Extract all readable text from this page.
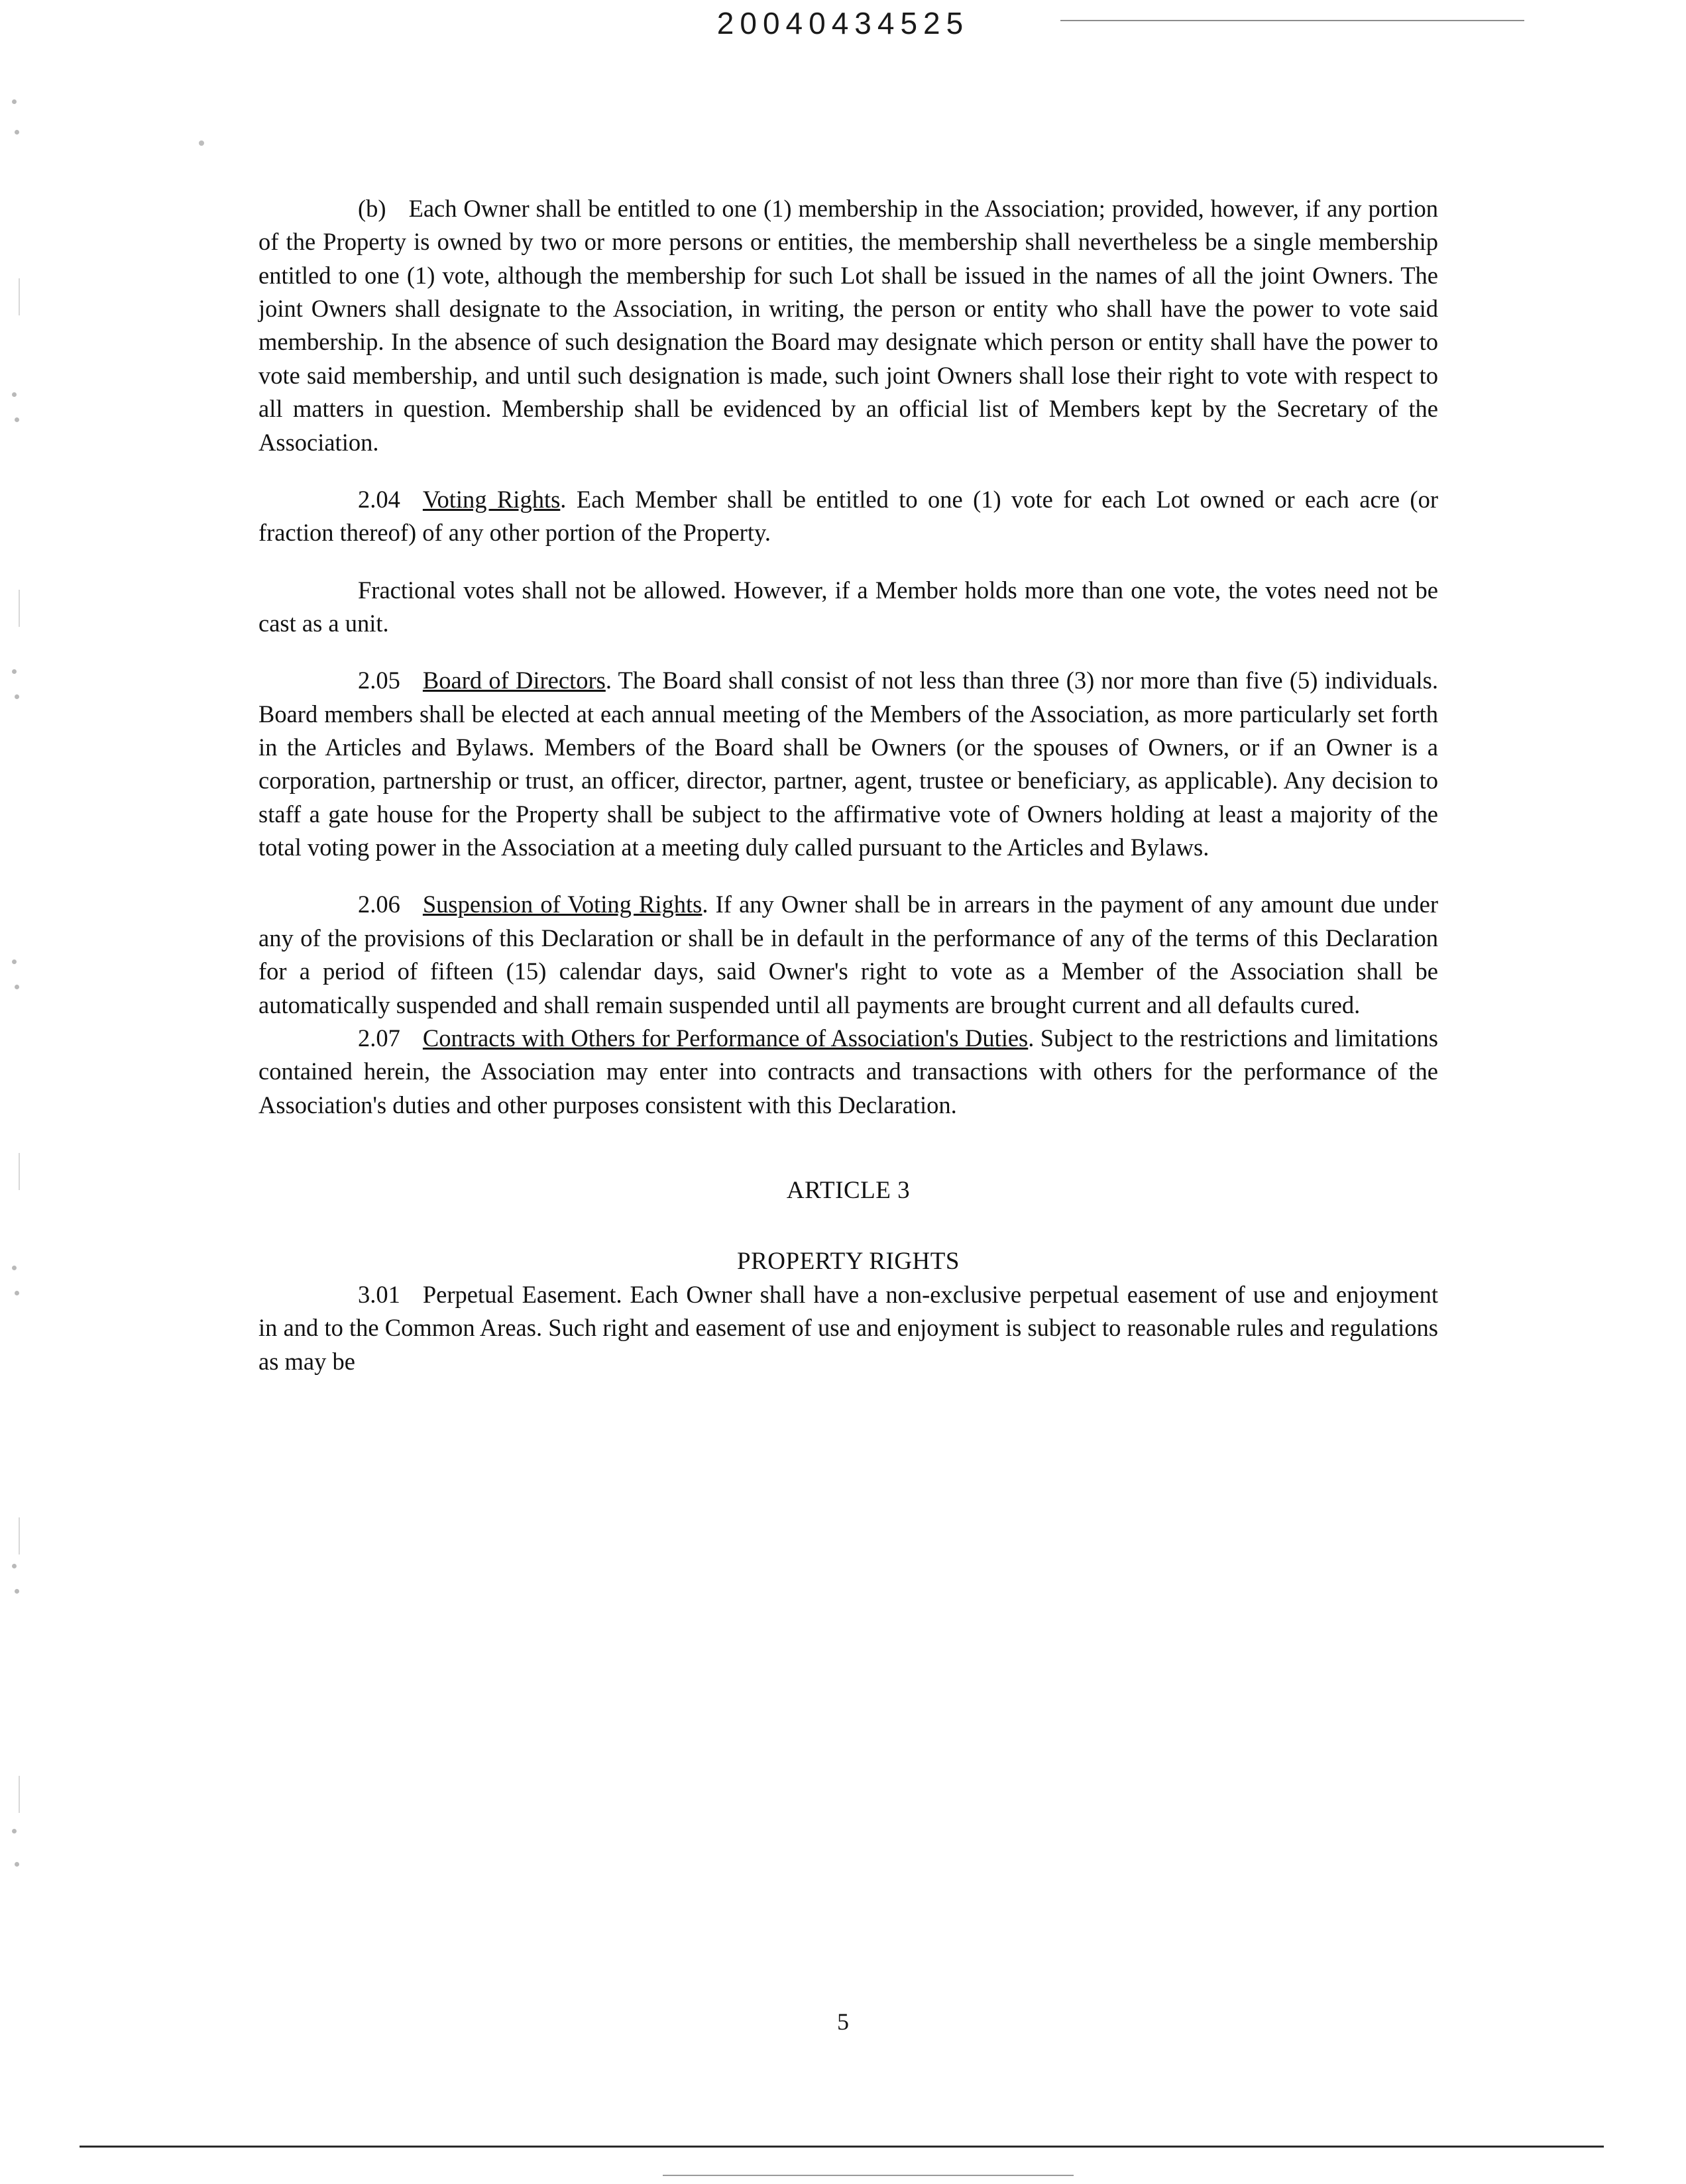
20040434525

(b) Each Owner shall be entitled to one (1) membership in the Association; provided, however, if any portion of the Property is owned by two or more persons or entities, the membership shall nevertheless be a single membership entitled to one (1) vote, although the membership for such Lot shall be issued in the names of all the joint Owners. The joint Owners shall designate to the Association, in writing, the person or entity who shall have the power to vote said membership. In the absence of such designation the Board may designate which person or entity shall have the power to vote said membership, and until such designation is made, such joint Owners shall lose their right to vote with respect to all matters in question. Membership shall be evidenced by an official list of Members kept by the Secretary of the Association.

2.04 Voting Rights. Each Member shall be entitled to one (1) vote for each Lot owned or each acre (or fraction thereof) of any other portion of the Property.

Fractional votes shall not be allowed. However, if a Member holds more than one vote, the votes need not be cast as a unit.

2.05 Board of Directors. The Board shall consist of not less than three (3) nor more than five (5) individuals. Board members shall be elected at each annual meeting of the Members of the Association, as more particularly set forth in the Articles and Bylaws. Members of the Board shall be Owners (or the spouses of Owners, or if an Owner is a corporation, partnership or trust, an officer, director, partner, agent, trustee or beneficiary, as applicable). Any decision to staff a gate house for the Property shall be subject to the affirmative vote of Owners holding at least a majority of the total voting power in the Association at a meeting duly called pursuant to the Articles and Bylaws.

2.06 Suspension of Voting Rights. If any Owner shall be in arrears in the payment of any amount due under any of the provisions of this Declaration or shall be in default in the performance of any of the terms of this Declaration for a period of fifteen (15) calendar days, said Owner's right to vote as a Member of the Association shall be automatically suspended and shall remain suspended until all payments are brought current and all defaults cured.

2.07 Contracts with Others for Performance of Association's Duties. Subject to the restrictions and limitations contained herein, the Association may enter into contracts and transactions with others for the performance of the Association's duties and other purposes consistent with this Declaration.

ARTICLE 3

PROPERTY RIGHTS

3.01 Perpetual Easement. Each Owner shall have a non-exclusive perpetual easement of use and enjoyment in and to the Common Areas. Such right and easement of use and enjoyment is subject to reasonable rules and regulations as may be

5
